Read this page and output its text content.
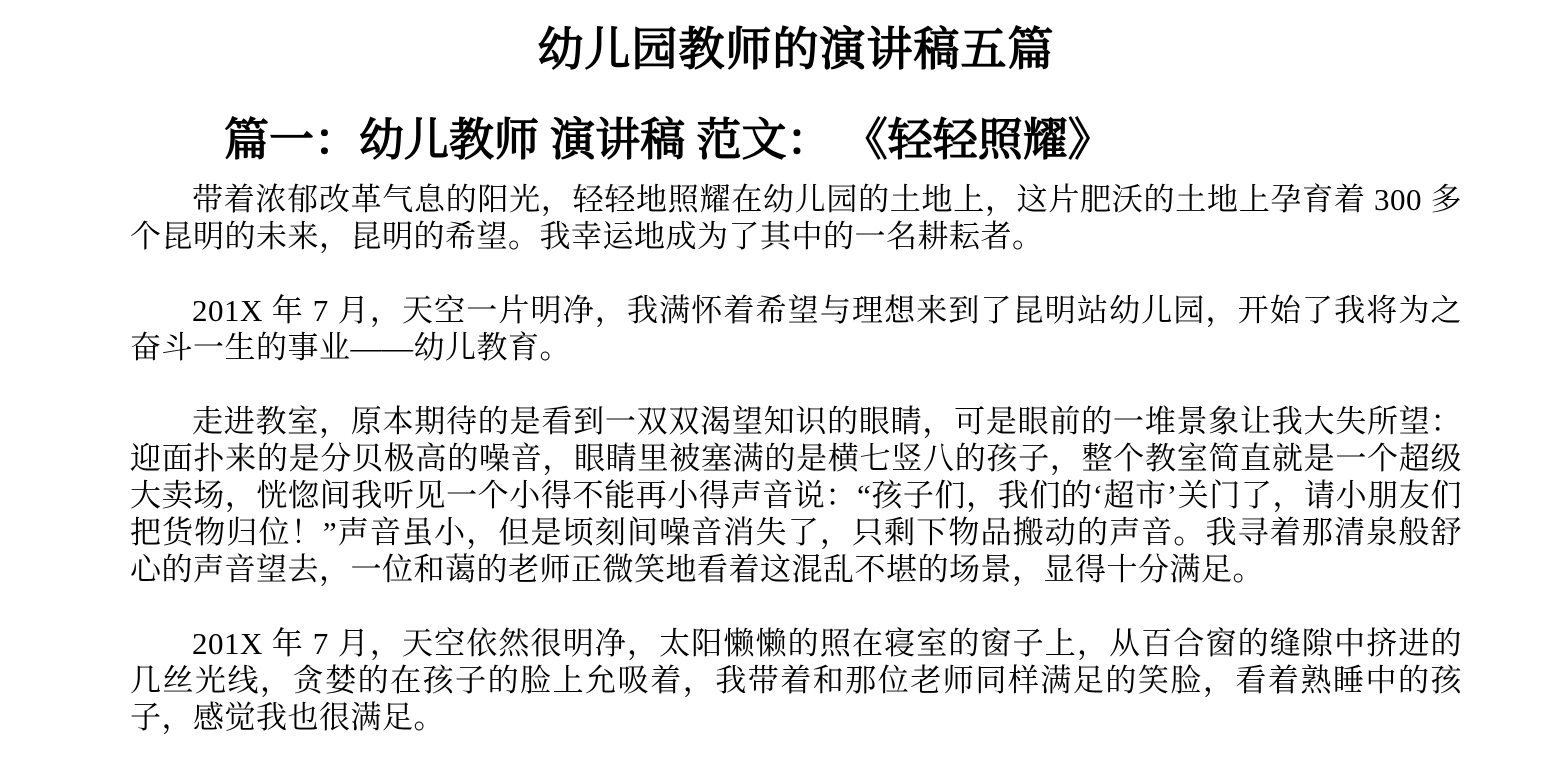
幼儿园教师的演讲稿五篇
篇一：幼儿教师 演讲稿 范文： 《轻轻照耀》

带着浓郁改革气息的阳光，轻轻地照耀在幼儿园的土地上，这片肥沃的土地上孕育着 300 多个昆明的未来，昆明的希望。我幸运地成为了其中的一名耕耘者。

201X 年 7 月，天空一片明净，我满怀着希望与理想来到了昆明站幼儿园，开始了我将为之奋斗一生的事业——幼儿教育。

走进教室，原本期待的是看到一双双渴望知识的眼睛，可是眼前的一堆景象让我大失所望：迎面扑来的是分贝极高的噪音，眼睛里被塞满的是横七竖八的孩子，整个教室简直就是一个超级大卖场，恍惚间我听见一个小得不能再小得声音说：“孩子们，我们的‘超市’关门了，请小朋友们把货物归位！”声音虽小，但是顷刻间噪音消失了，只剩下物品搬动的声音。我寻着那清泉般舒心的声音望去，一位和蔼的老师正微笑地看着这混乱不堪的场景，显得十分满足。

201X 年 7 月，天空依然很明净，太阳懒懒的照在寝室的窗子上，从百合窗的缝隙中挤进的几丝光线，贪婪的在孩子的脸上允吸着，我带着和那位老师同样满足的笑脸，看着熟睡中的孩子，感觉我也很满足。
